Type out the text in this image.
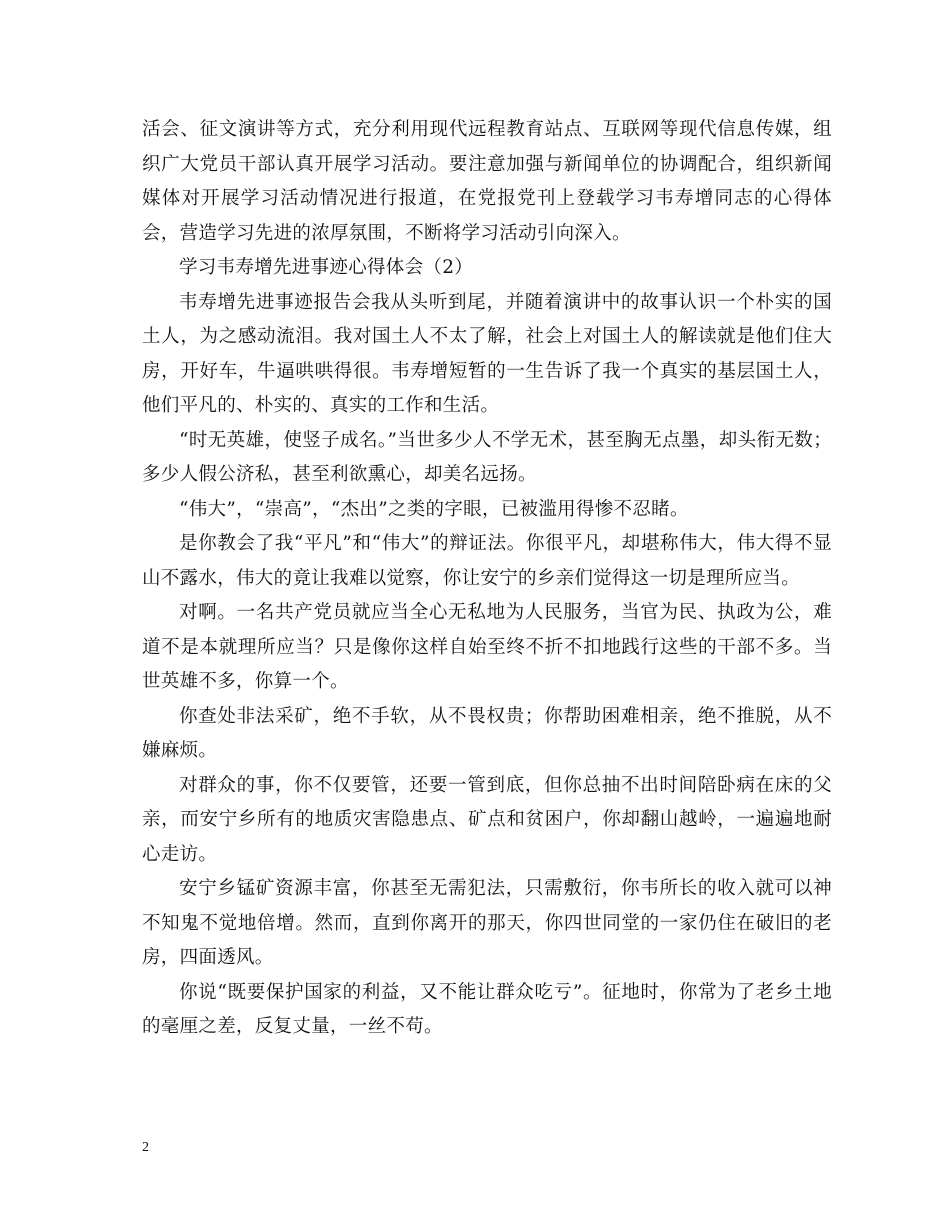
活会、征文演讲等方式，充分利用现代远程教育站点、互联网等现代信息传媒，组织广大党员干部认真开展学习活动。要注意加强与新闻单位的协调配合，组织新闻媒体对开展学习活动情况进行报道，在党报党刊上登载学习韦寿增同志的心得体会，营造学习先进的浓厚氛围，不断将学习活动引向深入。

学习韦寿增先进事迹心得体会（2）

韦寿增先进事迹报告会我从头听到尾，并随着演讲中的故事认识一个朴实的国土人，为之感动流泪。我对国土人不太了解，社会上对国土人的解读就是他们住大房，开好车，牛逼哄哄得很。韦寿增短暂的一生告诉了我一个真实的基层国土人，他们平凡的、朴实的、真实的工作和生活。

“时无英雄，使竖子成名。”当世多少人不学无术，甚至胸无点墨，却头衔无数；多少人假公济私，甚至利欲熏心，却美名远扬。

“伟大”，“崇高”，“杰出”之类的字眼，已被滥用得惨不忍睹。

是你教会了我“平凡”和“伟大”的辩证法。你很平凡，却堪称伟大，伟大得不显山不露水，伟大的竟让我难以觉察，你让安宁的乡亲们觉得这一切是理所应当。

对啊。一名共产党员就应当全心无私地为人民服务，当官为民、执政为公，难道不是本就理所应当？只是像你这样自始至终不折不扣地践行这些的干部不多。当世英雄不多，你算一个。

你查处非法采矿，绝不手软，从不畏权贵；你帮助困难相亲，绝不推脱，从不嫌麻烦。

对群众的事，你不仅要管，还要一管到底，但你总抽不出时间陪卧病在床的父亲，而安宁乡所有的地质灾害隐患点、矿点和贫困户，你却翻山越岭，一遍遍地耐心走访。

安宁乡锰矿资源丰富，你甚至无需犯法，只需敷衍，你韦所长的收入就可以神不知鬼不觉地倍增。然而，直到你离开的那天，你四世同堂的一家仍住在破旧的老房，四面透风。

你说“既要保护国家的利益，又不能让群众吃亏”。征地时，你常为了老乡土地的毫厘之差，反复丈量，一丝不苟。

2
